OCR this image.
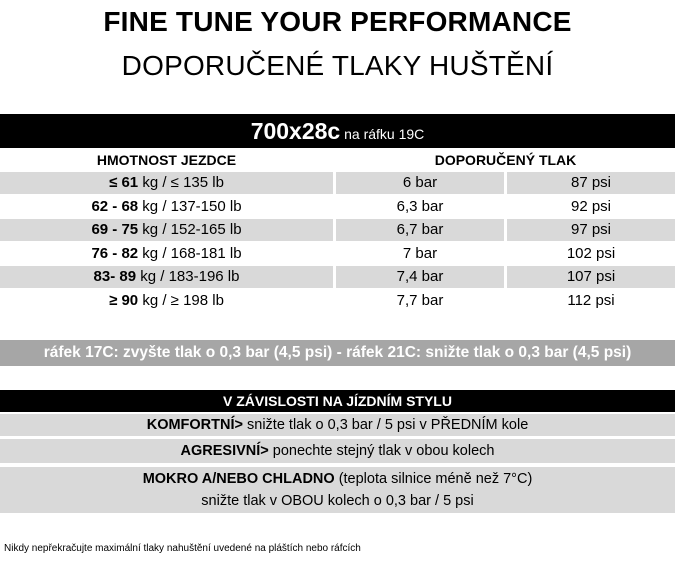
FINE TUNE YOUR PERFORMANCE
DOPORUČENÉ TLAKY HUŠTĚNÍ
700x28c na ráfku 19C
HMOTNOST JEZDCE	DOPORUČENÝ TLAK
≤ 61 kg / ≤ 135 lb	6 bar	87 psi
62 - 68 kg / 137-150 lb	6,3 bar	92 psi
69 - 75 kg / 152-165 lb	6,7 bar	97 psi
76 - 82 kg / 168-181 lb	7 bar	102 psi
83- 89 kg / 183-196 lb	7,4 bar	107 psi
≥ 90 kg / ≥ 198 lb	7,7 bar	112 psi
ráfek 17C: zvyšte tlak o 0,3 bar (4,5 psi) - ráfek 21C: snižte tlak o 0,3 bar (4,5 psi)
V ZÁVISLOSTI NA JÍZDNÍM STYLU
KOMFORTNÍ> snižte tlak o 0,3 bar / 5 psi v PŘEDNÍM kole
AGRESIVNÍ> ponechte stejný tlak v obou kolech
MOKRO A/NEBO CHLADNO (teplota silnice méně než 7°C)
snižte tlak v OBOU kolech o 0,3 bar / 5 psi
Nikdy nepřekračujte maximální tlaky nahuštění uvedené na pláštích nebo ráfcích
